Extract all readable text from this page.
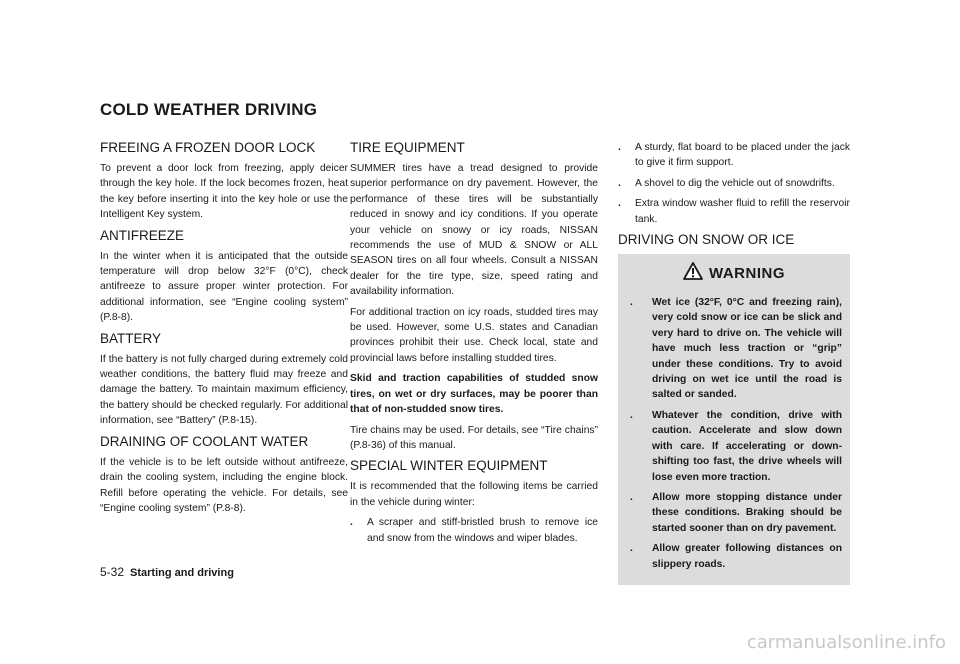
COLD WEATHER DRIVING
FREEING A FROZEN DOOR LOCK

To prevent a door lock from freezing, apply deicer through the key hole. If the lock becomes frozen, heat the key before inserting it into the key hole or use the Intelligent Key system.

ANTIFREEZE

In the winter when it is anticipated that the outside temperature will drop below 32°F (0°C), check antifreeze to assure proper winter protection. For additional information, see “Engine cooling system” (P.8-8).

BATTERY

If the battery is not fully charged during extremely cold weather conditions, the battery fluid may freeze and damage the battery. To maintain maximum efficiency, the battery should be checked regularly. For additional information, see “Battery” (P.8-15).

DRAINING OF COOLANT WATER

If the vehicle is to be left outside without antifreeze, drain the cooling system, including the engine block. Refill before operating the vehicle. For details, see “Engine cooling system” (P.8-8).

TIRE EQUIPMENT

SUMMER tires have a tread designed to provide superior performance on dry pavement. However, the performance of these tires will be substantially reduced in snowy and icy conditions. If you operate your vehicle on snowy or icy roads, NISSAN recommends the use of MUD & SNOW or ALL SEASON tires on all four wheels. Consult a NISSAN dealer for the tire type, size, speed rating and availability information.

For additional traction on icy roads, studded tires may be used. However, some U.S. states and Canadian provinces prohibit their use. Check local, state and provincial laws before installing studded tires.

Skid and traction capabilities of studded snow tires, on wet or dry surfaces, may be poorer than that of non-studded snow tires.

Tire chains may be used. For details, see “Tire chains” (P.8-36) of this manual.

SPECIAL WINTER EQUIPMENT

It is recommended that the following items be carried in the vehicle during winter:

. A scraper and stiff-bristled brush to remove ice and snow from the windows and wiper blades.
. A sturdy, flat board to be placed under the jack to give it firm support.
. A shovel to dig the vehicle out of snowdrifts.
. Extra window washer fluid to refill the reservoir tank.
DRIVING ON SNOW OR ICE
WARNING
. Wet ice (32°F, 0°C and freezing rain), very cold snow or ice can be slick and very hard to drive on. The vehicle will have much less traction or “grip” under these conditions. Try to avoid driving on wet ice until the road is salted or sanded.
. Whatever the condition, drive with caution. Accelerate and slow down with care. If accelerating or down-shifting too fast, the drive wheels will lose even more traction.
. Allow more stopping distance under these conditions. Braking should be started sooner than on dry pavement.
. Allow greater following distances on slippery roads.
5-32 Starting and driving
carmanualsonline.info
